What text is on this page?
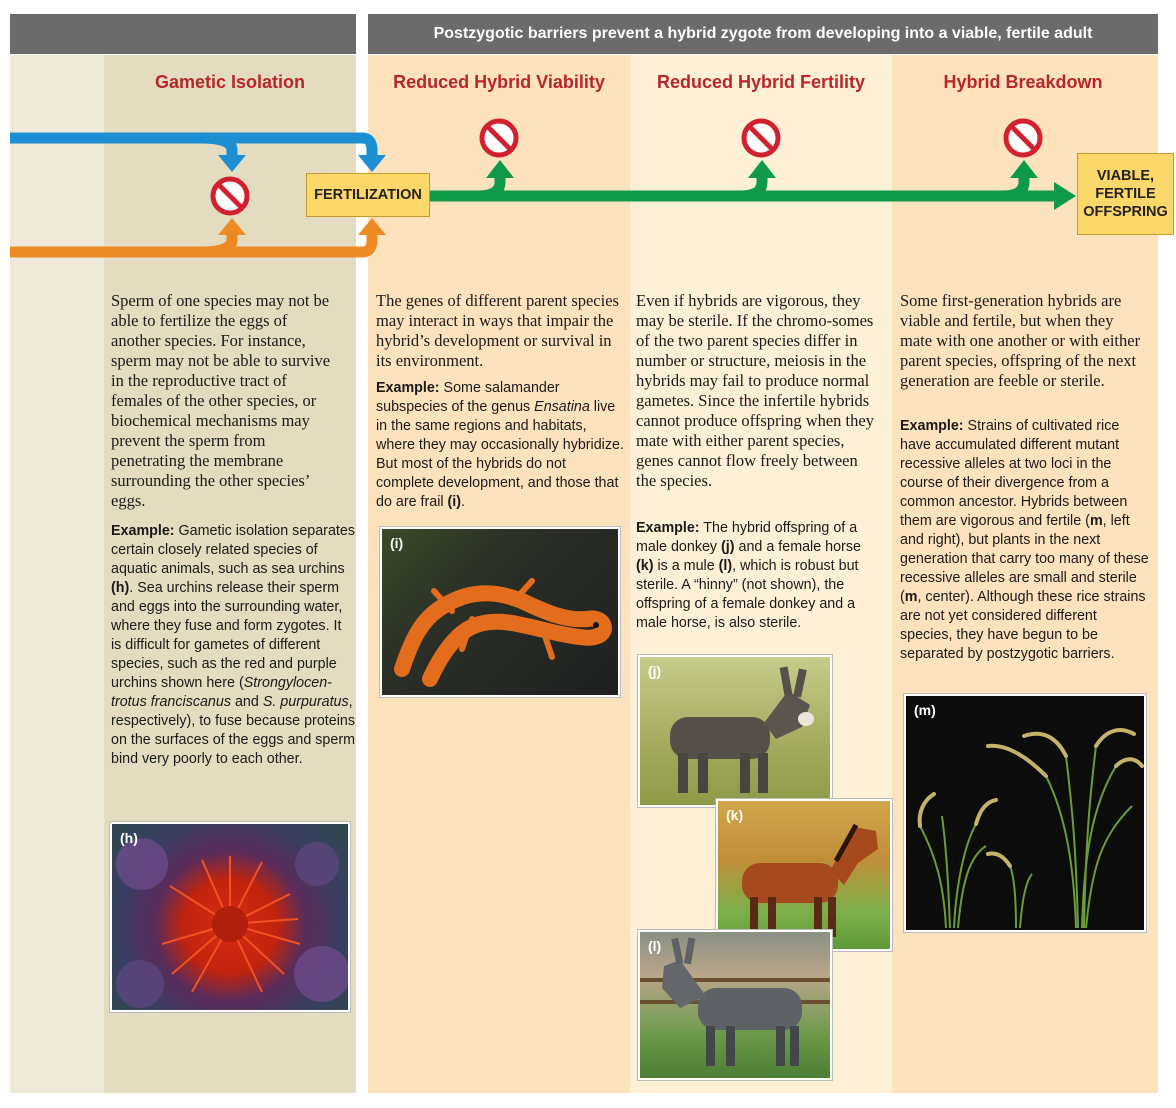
Postzygotic barriers prevent a hybrid zygote from developing into a viable, fertile adult
Gametic Isolation	Reduced Hybrid Viability	Reduced Hybrid Fertility	Hybrid Breakdown
FERTILIZATION
VIABLE, FERTILE OFFSPRING
Sperm of one species may not be able to fertilize the eggs of another species. For instance, sperm may not be able to survive in the reproductive tract of females of the other species, or biochemical mechanisms may prevent the sperm from penetrating the membrane surrounding the other species’ eggs.
Example: Gametic isolation separates certain closely related species of aquatic animals, such as sea urchins (h). Sea urchins release their sperm and eggs into the surrounding water, where they fuse and form zygotes. It is difficult for gametes of different species, such as the red and purple urchins shown here (Strongylocen-trotus franciscanus and S. purpuratus, respectively), to fuse because proteins on the surfaces of the eggs and sperm bind very poorly to each other.
(h)
The genes of different parent species may interact in ways that impair the hybrid’s development or survival in its environment.
Example: Some salamander subspecies of the genus Ensatina live in the same regions and habitats, where they may occasionally hybridize. But most of the hybrids do not complete development, and those that do are frail (i).
(i)
Even if hybrids are vigorous, they may be sterile. If the chromo-somes of the two parent species differ in number or structure, meiosis in the hybrids may fail to produce normal gametes. Since the infertile hybrids cannot produce offspring when they mate with either parent species, genes cannot flow freely between the species.
Example: The hybrid offspring of a male donkey (j) and a female horse (k) is a mule (l), which is robust but sterile. A “hinny” (not shown), the offspring of a female donkey and a male horse, is also sterile.
(j)
(k)
(l)
Some first-generation hybrids are viable and fertile, but when they mate with one another or with either parent species, offspring of the next generation are feeble or sterile.
Example: Strains of cultivated rice have accumulated different mutant recessive alleles at two loci in the course of their divergence from a common ancestor. Hybrids between them are vigorous and fertile (m, left and right), but plants in the next generation that carry too many of these recessive alleles are small and sterile (m, center). Although these rice strains are not yet considered different species, they have begun to be separated by postzygotic barriers.
(m)
